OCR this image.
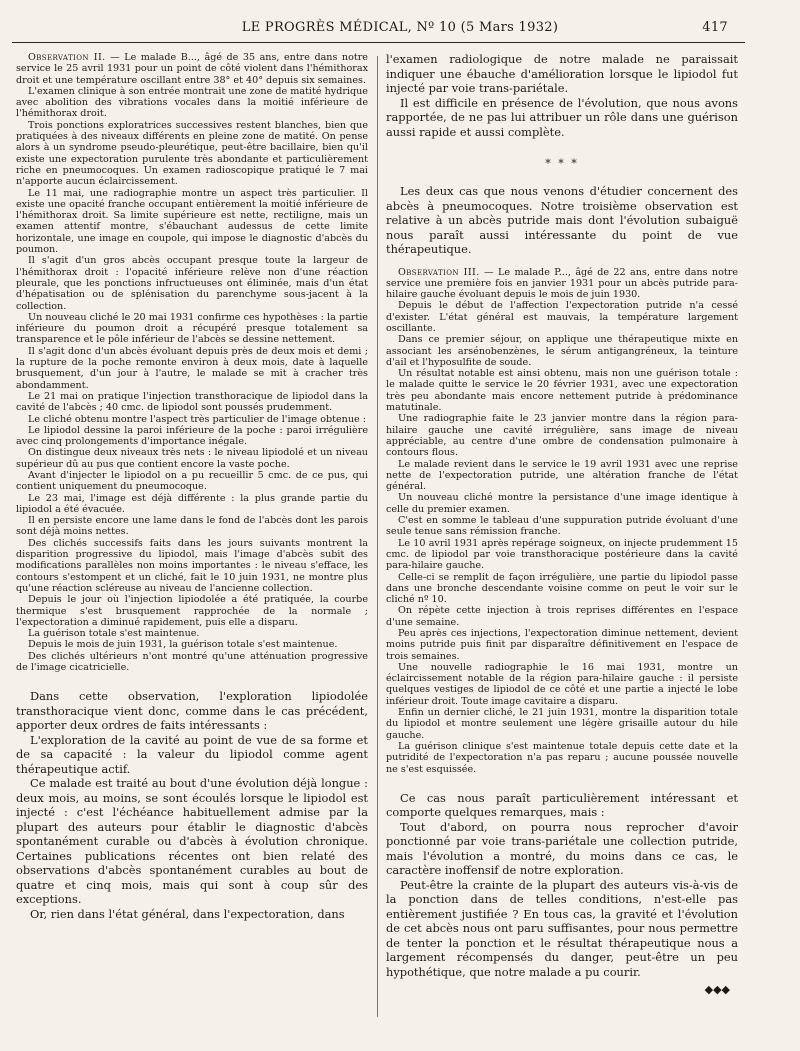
LE PROGRÈS MÉDICAL, Nº 10 (5 Mars 1932)	417

Observation II. — Le malade B..., âgé de 35 ans, entre dans notre service le 25 avril 1931 pour un point de côté violent dans l'hémithorax droit et une température oscillant entre 38° et 40° depuis six semaines.

L'examen clinique à son entrée montrait une zone de matité hydrique avec abolition des vibrations vocales dans la moitié inférieure de l'hémithorax droit.

Trois ponctions exploratrices successives restent blanches, bien que pratiquées à des niveaux différents en pleine zone de matité. On pense alors à un syndrome pseudo-pleurétique, peut-être bacillaire, bien qu'il existe une expectoration purulente très abondante et particulièrement riche en pneumocoques. Un examen radioscopique pratiqué le 7 mai n'apporte aucun éclaircissement.

Le 11 mai, une radiographie montre un aspect très particulier. Il existe une opacité franche occupant entièrement la moitié inférieure de l'hémithorax droit. Sa limite supérieure est nette, rectiligne, mais un examen attentif montre, s'ébauchant audessus de cette limite horizontale, une image en coupole, qui impose le diagnostic d'abcès du poumon.

Il s'agit d'un gros abcès occupant presque toute la largeur de l'hémithorax droit : l'opacité inférieure relève non d'une réaction pleurale, que les ponctions infructueuses ont éliminée, mais d'un état d'hépatisation ou de splénisation du parenchyme sous-jacent à la collection.

Un nouveau cliché le 20 mai 1931 confirme ces hypothèses : la partie inférieure du poumon droit a récupéré presque totalement sa transparence et le pôle inférieur de l'abcès se dessine nettement.

Il s'agit donc d'un abcès évoluant depuis près de deux mois et demi ; la rupture de la poche remonte environ à deux mois, date à laquelle brusquement, d'un jour à l'autre, le malade se mit à cracher très abondamment.

Le 21 mai on pratique l'injection transthoracique de lipiodol dans la cavité de l'abcès ; 40 cmc. de lipiodol sont poussés prudemment.

Le cliché obtenu montre l'aspect très particulier de l'image obtenue :

Le lipiodol dessine la paroi inférieure de la poche : paroi irrégulière avec cinq prolongements d'importance inégale.

On distingue deux niveaux très nets : le niveau lipiodolé et un niveau supérieur dû au pus que contient encore la vaste poche.

Avant d'injecter le lipiodol on a pu recueillir 5 cmc. de ce pus, qui contient uniquement du pneumocoque.

Le 23 mai, l'image est déjà différente : la plus grande partie du lipiodol a été évacuée.

Il en persiste encore une lame dans le fond de l'abcès dont les parois sont déjà moins nettes.

Des clichés successifs faits dans les jours suivants montrent la disparition progressive du lipiodol, mais l'image d'abcès subit des modifications parallèles non moins importantes : le niveau s'efface, les contours s'estompent et un cliché, fait le 10 juin 1931, ne montre plus qu'une réaction scléreuse au niveau de l'ancienne collection.

Depuis le jour où l'injection lipiodolée a été pratiquée, la courbe thermique s'est brusquement rapprochée de la normale ; l'expectoration a diminué rapidement, puis elle a disparu.

La guérison totale s'est maintenue.

Depuis le mois de juin 1931, la guérison totale s'est maintenue.

Des clichés ultérieurs n'ont montré qu'une atténuation progressive de l'image cicatricielle.

Dans cette observation, l'exploration lipiodolée transthoracique vient donc, comme dans le cas précédent, apporter deux ordres de faits intéressants :

L'exploration de la cavité au point de vue de sa forme et de sa capacité : la valeur du lipiodol comme agent thérapeutique actif.

Ce malade est traité au bout d'une évolution déjà longue : deux mois, au moins, se sont écoulés lorsque le lipiodol est injecté : c'est l'échéance habituellement admise par la plupart des auteurs pour établir le diagnostic d'abcès spontanément curable ou d'abcès à évolution chronique. Certaines publications récentes ont bien relaté des observations d'abcès spontanément curables au bout de quatre et cinq mois, mais qui sont à coup sûr des exceptions.

Or, rien dans l'état général, dans l'expectoration, dans

l'examen radiologique de notre malade ne paraissait indiquer une ébauche d'amélioration lorsque le lipiodol fut injecté par voie trans-pariétale.

Il est difficile en présence de l'évolution, que nous avons rapportée, de ne pas lui attribuer un rôle dans une guérison aussi rapide et aussi complète.

* * *

Les deux cas que nous venons d'étudier concernent des abcès à pneumocoques. Notre troisième observation est relative à un abcès putride mais dont l'évolution subaiguë nous paraît aussi intéressante du point de vue thérapeutique.

Observation III. — Le malade P..., âgé de 22 ans, entre dans notre service une première fois en janvier 1931 pour un abcès putride para-hilaire gauche évoluant depuis le mois de juin 1930.

Depuis le début de l'affection l'expectoration putride n'a cessé d'exister. L'état général est mauvais, la température largement oscillante.

Dans ce premier séjour, on applique une thérapeutique mixte en associant les arsénobenzènes, le sérum antigangréneux, la teinture d'ail et l'hyposulfite de soude.

Un résultat notable est ainsi obtenu, mais non une guérison totale : le malade quitte le service le 20 février 1931, avec une expectoration très peu abondante mais encore nettement putride à prédominance matutinale.

Une radiographie faite le 23 janvier montre dans la région para-hilaire gauche une cavité irrégulière, sans image de niveau appréciable, au centre d'une ombre de condensation pulmonaire à contours flous.

Le malade revient dans le service le 19 avril 1931 avec une reprise nette de l'expectoration putride, une altération franche de l'état général.

Un nouveau cliché montre la persistance d'une image identique à celle du premier examen.

C'est en somme le tableau d'une suppuration putride évoluant d'une seule tenue sans rémission franche.

Le 10 avril 1931 après repérage soigneux, on injecte prudemment 15 cmc. de lipiodol par voie transthoracique postérieure dans la cavité para-hilaire gauche.

Celle-ci se remplit de façon irrégulière, une partie du lipiodol passe dans une bronche descendante voisine comme on peut le voir sur le cliché nº 10.

On répète cette injection à trois reprises différentes en l'espace d'une semaine.

Peu après ces injections, l'expectoration diminue nettement, devient moins putride puis finit par disparaître définitivement en l'espace de trois semaines.

Une nouvelle radiographie le 16 mai 1931, montre un éclaircissement notable de la région para-hilaire gauche : il persiste quelques vestiges de lipiodol de ce côté et une partie a injecté le lobe inférieur droit. Toute image cavitaire a disparu.

Enfin un dernier cliché, le 21 juin 1931, montre la disparition totale du lipiodol et montre seulement une légère grisaille autour du hile gauche.

La guérison clinique s'est maintenue totale depuis cette date et la putridité de l'expectoration n'a pas reparu ; aucune poussée nouvelle ne s'est esquissée.

Ce cas nous paraît particulièrement intéressant et comporte quelques remarques, mais :

Tout d'abord, on pourra nous reprocher d'avoir ponctionné par voie trans-pariétale une collection putride, mais l'évolution a montré, du moins dans ce cas, le caractère inoffensif de notre exploration.

Peut-être la crainte de la plupart des auteurs vis-à-vis de la ponction dans de telles conditions, n'est-elle pas entièrement justifiée ? En tous cas, la gravité et l'évolution de cet abcès nous ont paru suffisantes, pour nous permettre de tenter la ponction et le résultat thérapeutique nous a largement récompensés du danger, peut-être un peu hypothétique, que notre malade a pu courir.

◆◆◆
